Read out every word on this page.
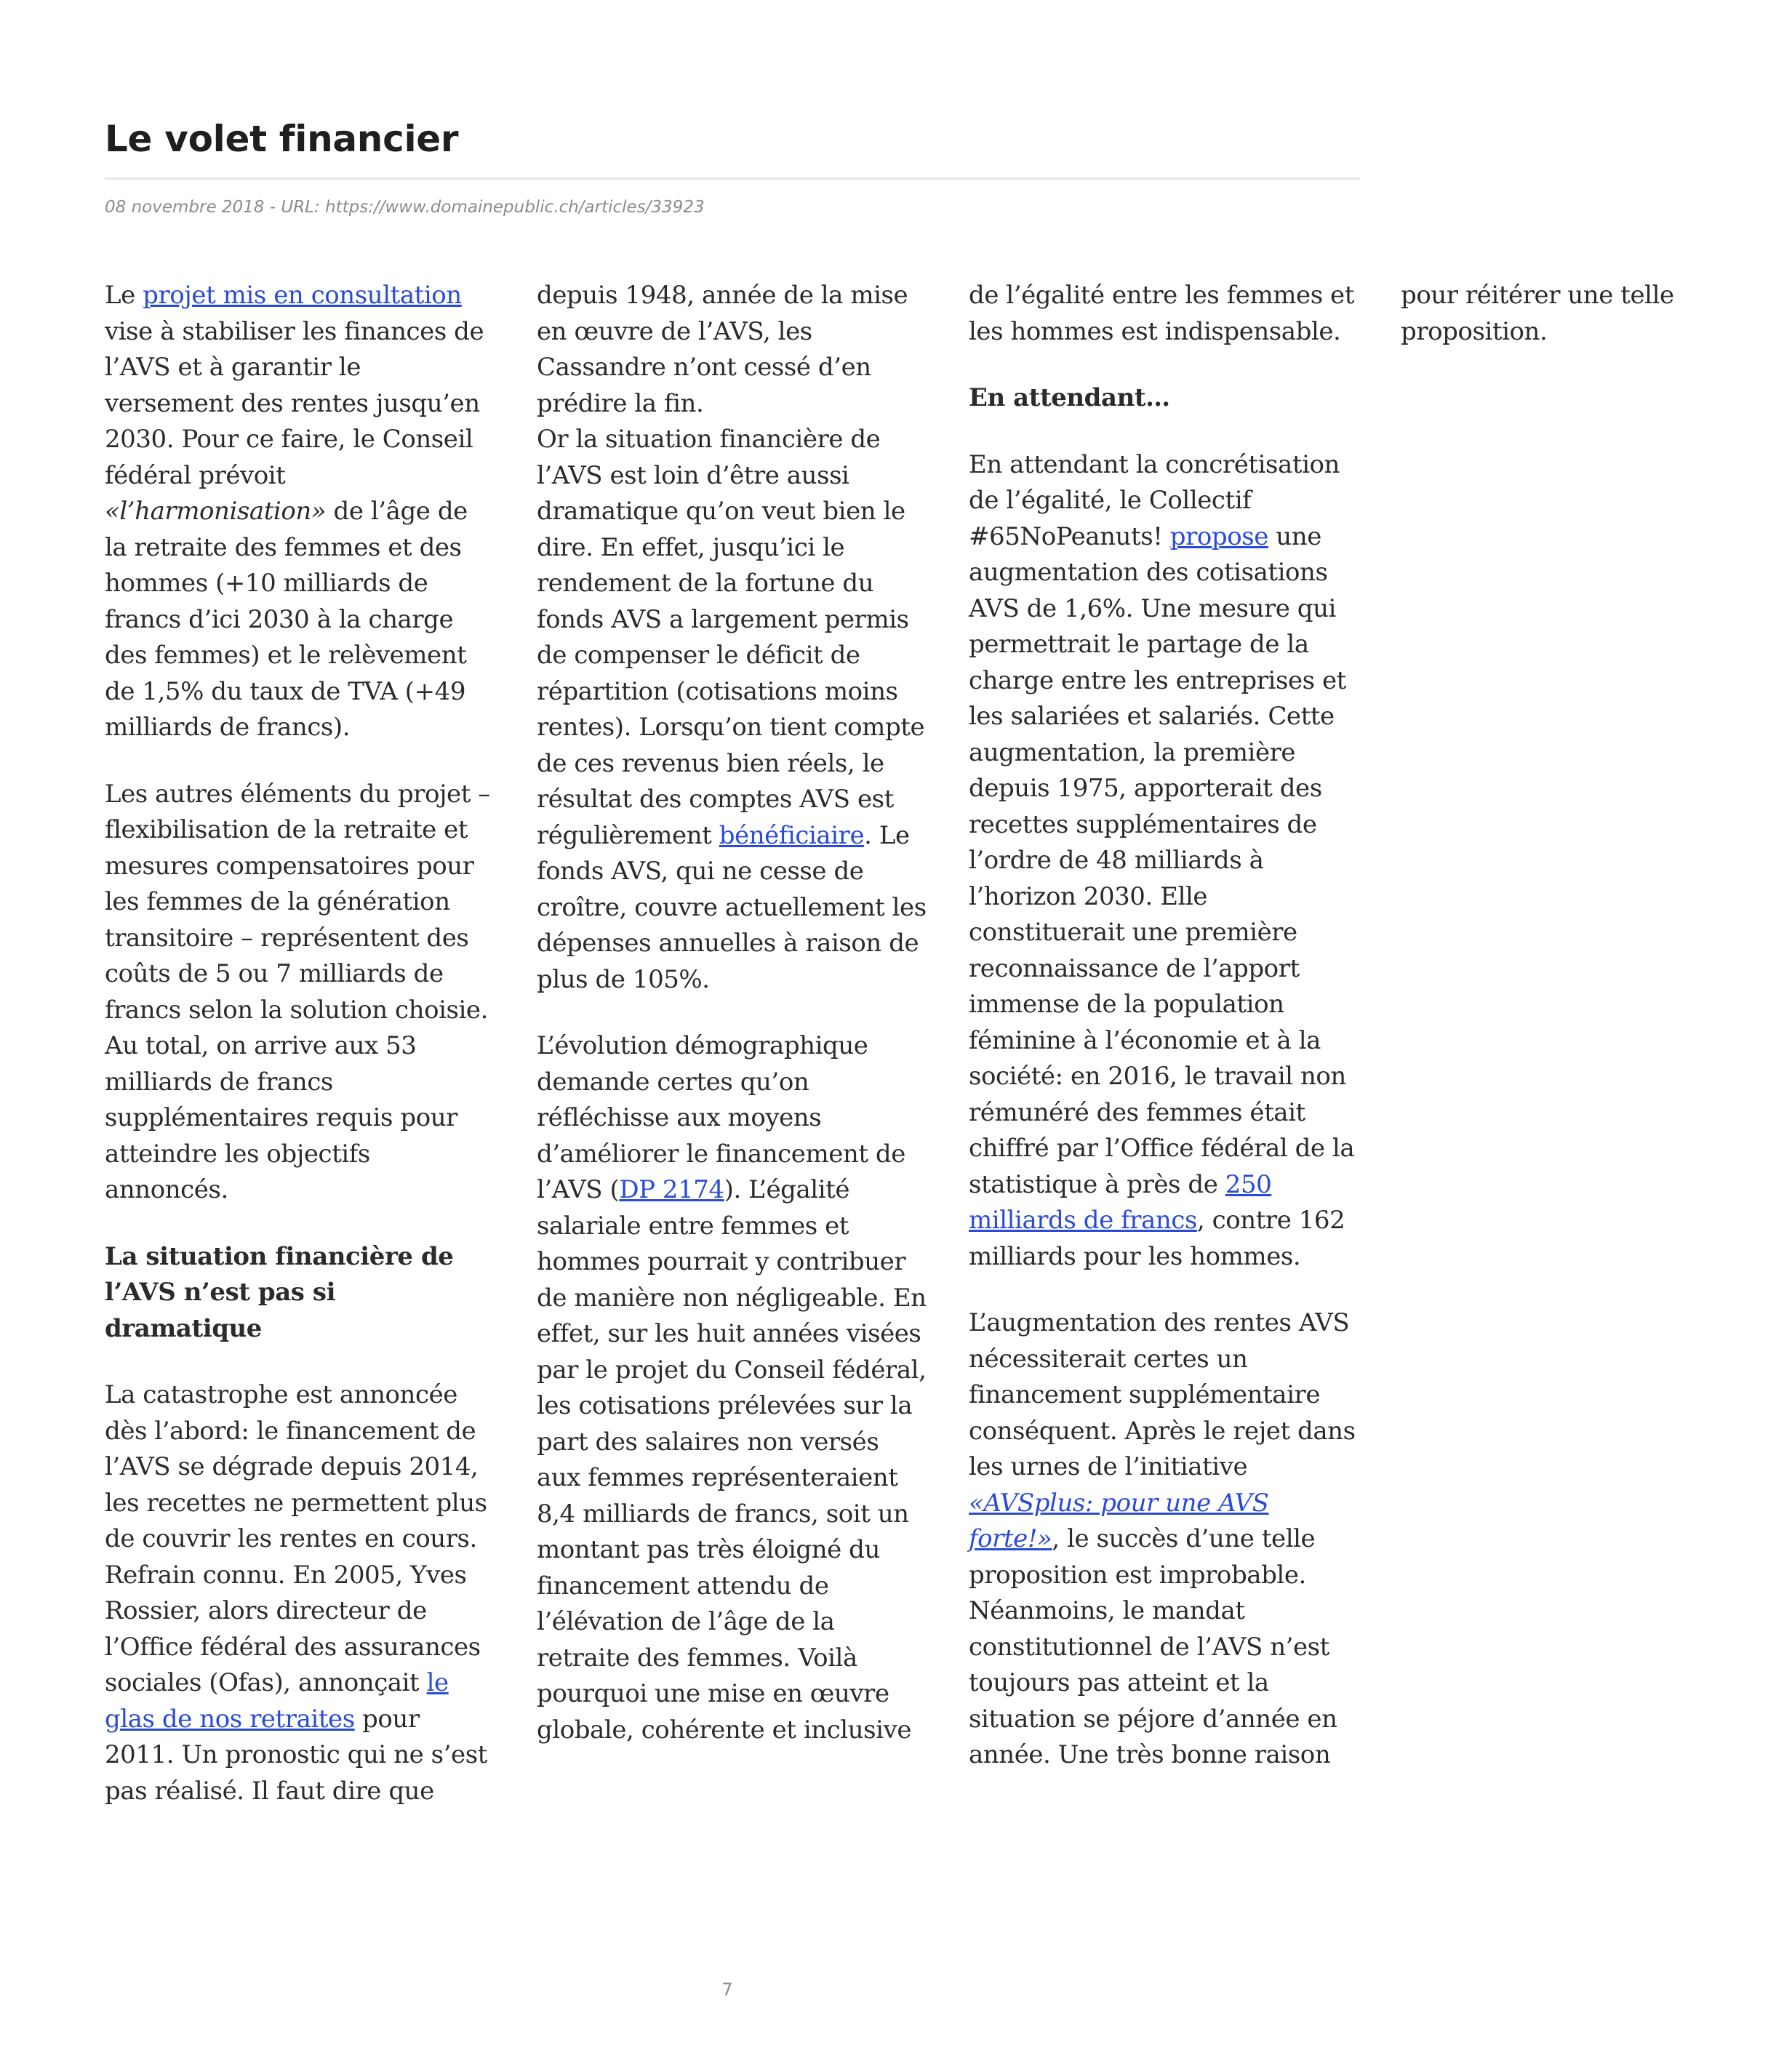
Le volet financier
08 novembre 2018 - URL: https://www.domainepublic.ch/articles/33923

Le projet mis en consultation vise à stabiliser les finances de l’AVS et à garantir le versement des rentes jusqu’en 2030. Pour ce faire, le Conseil fédéral prévoit «l’harmonisation» de l’âge de la retraite des femmes et des hommes (+10 milliards de francs d’ici 2030 à la charge des femmes) et le relèvement de 1,5% du taux de TVA (+49 milliards de francs).

Les autres éléments du projet – flexibilisation de la retraite et mesures compensatoires pour les femmes de la génération transitoire – représentent des coûts de 5 ou 7 milliards de francs selon la solution choisie. Au total, on arrive aux 53 milliards de francs supplémentaires requis pour atteindre les objectifs annoncés.

La situation financière de l’AVS n’est pas si dramatique

La catastrophe est annoncée dès l’abord: le financement de l’AVS se dégrade depuis 2014, les recettes ne permettent plus de couvrir les rentes en cours. Refrain connu. En 2005, Yves Rossier, alors directeur de l’Office fédéral des assurances sociales (Ofas), annonçait le glas de nos retraites pour 2011. Un pronostic qui ne s’est pas réalisé. Il faut dire que depuis 1948, année de la mise en œuvre de l’AVS, les Cassandre n’ont cessé d’en prédire la fin.

Or la situation financière de l’AVS est loin d’être aussi dramatique qu’on veut bien le dire. En effet, jusqu’ici le rendement de la fortune du fonds AVS a largement permis de compenser le déficit de répartition (cotisations moins rentes). Lorsqu’on tient compte de ces revenus bien réels, le résultat des comptes AVS est régulièrement bénéficiaire. Le fonds AVS, qui ne cesse de croître, couvre actuellement les dépenses annuelles à raison de plus de 105%.

L’évolution démographique demande certes qu’on réfléchisse aux moyens d’améliorer le financement de l’AVS (DP 2174). L’égalité salariale entre femmes et hommes pourrait y contribuer de manière non négligeable. En effet, sur les huit années visées par le projet du Conseil fédéral, les cotisations prélevées sur la part des salaires non versés aux femmes représenteraient 8,4 milliards de francs, soit un montant pas très éloigné du financement attendu de l’élévation de l’âge de la retraite des femmes. Voilà pourquoi une mise en œuvre globale, cohérente et inclusive de l’égalité entre les femmes et les hommes est indispensable.

En attendant…

En attendant la concrétisation de l’égalité, le Collectif #65NoPeanuts! propose une augmentation des cotisations AVS de 1,6%. Une mesure qui permettrait le partage de la charge entre les entreprises et les salariées et salariés. Cette augmentation, la première depuis 1975, apporterait des recettes supplémentaires de l’ordre de 48 milliards à l’horizon 2030. Elle constituerait une première reconnaissance de l’apport immense de la population féminine à l’économie et à la société: en 2016, le travail non rémunéré des femmes était chiffré par l’Office fédéral de la statistique à près de 250 milliards de francs, contre 162 milliards pour les hommes.

L’augmentation des rentes AVS nécessiterait certes un financement supplémentaire conséquent. Après le rejet dans les urnes de l’initiative «AVSplus: pour une AVS forte!», le succès d’une telle proposition est improbable. Néanmoins, le mandat constitutionnel de l’AVS n’est toujours pas atteint et la situation se péjore d’année en année. Une très bonne raison pour réitérer une telle proposition.

7
